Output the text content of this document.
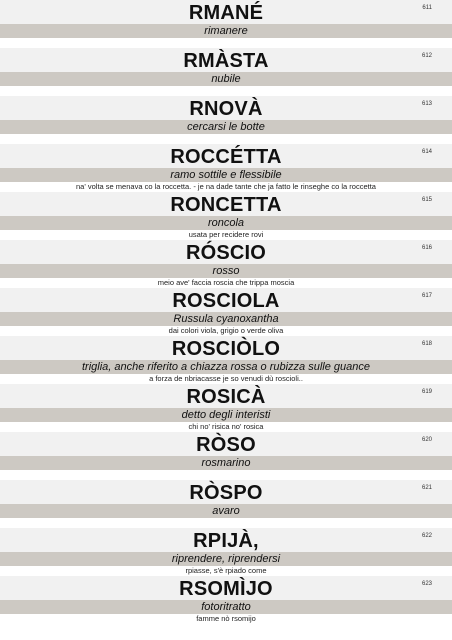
RMANÉ	611
rimanere
RMÀSTA	612
nubile
RNOVÀ	613
cercarsi le botte
ROCCÉTTA	614
ramo sottile e flessibile
na' volta se menava co la roccetta. - je na dade tante che ja fatto le rinseghe co la roccetta
RONCETTA	615
roncola
usata per recidere rovi
RÓSCIO	616
rosso
meio ave' faccia roscia che trippa moscia
ROSCIOLA	617
Russula cyanoxantha
dai colori viola, grigio o verde oliva
ROSCIÒLO	618
triglia, anche riferito a chiazza rossa o rubizza sulle guance
a forza de nbriacasse je so venudi dù roscioli..
ROSICÀ	619
detto degli interisti
chi no' risica no' rosica
RÒSO	620
rosmarino
RÒSPO	621
avaro
RPIJÀ,	622
riprendere, riprendersi
rpiasse, s'è rpiado come
RSOMÌJO	623
fotoritratto
famme nò rsomijo
